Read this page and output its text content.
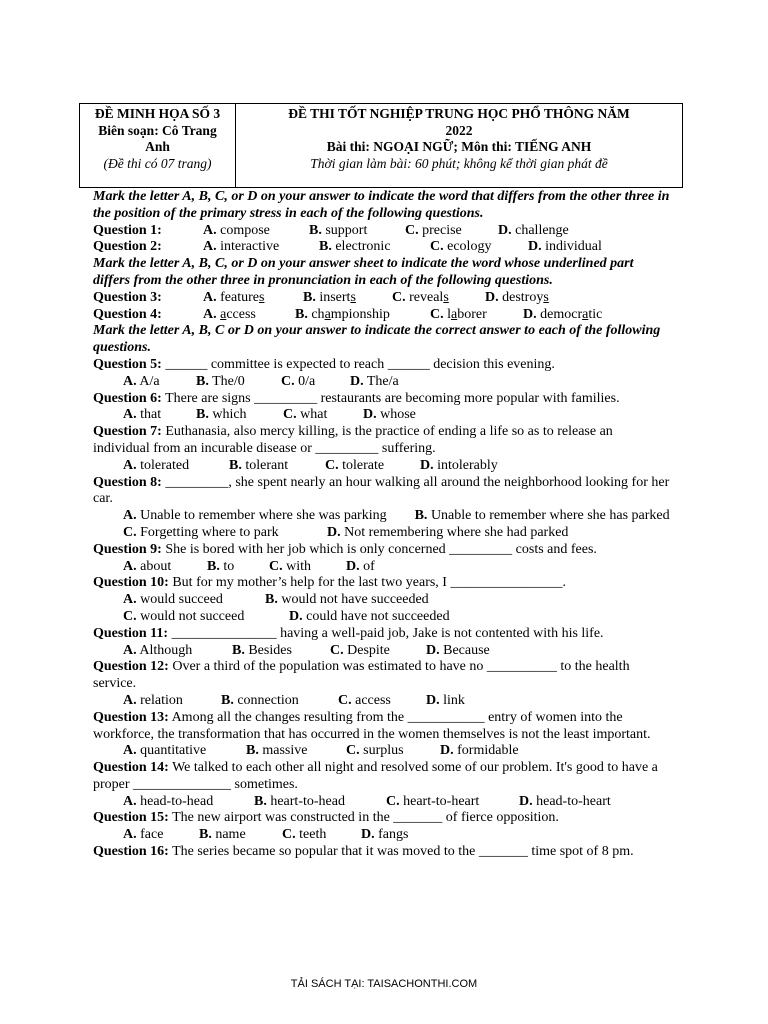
ĐỀ MINH HỌA SỐ 3
Biên soạn: Cô Trang
Anh
(Đề thi có 07 trang)
ĐỀ THI TỐT NGHIỆP TRUNG HỌC PHỔ THÔNG NĂM
2022
Bài thi: NGOẠI NGỮ; Môn thi: TIẾNG ANH
Thời gian làm bài: 60 phút; không kể thời gian phát đề
Mark the letter A, B, C, or D on your answer to indicate the word that differs from the other three in the position of the primary stress in each of the following questions.
Question 1:	A. compose	B. support	C. precise	D. challenge
Question 2:	A. interactive	B. electronic	C. ecology	D. individual
Mark the letter A, B, C, or D on your answer sheet to indicate the word whose underlined part differs from the other three in pronunciation in each of the following questions.
Question 3:	A. features	B. inserts	C. reveals	D. destroys
Question 4:	A. access	B. championship	C. laborer	D. democratic
Mark the letter A, B, C or D on your answer to indicate the correct answer to each of the following questions.
Question 5: ______ committee is expected to reach ______ decision this evening.
A. A/a	B. The/0	C. 0/a D. The/a
Question 6: There are signs _________ restaurants are becoming more popular with families.
A. that B. which	C. what	D. whose
Question 7: Euthanasia, also mercy killing, is the practice of ending a life so as to release an individual from an incurable disease or _________ suffering.
A. tolerated	B. tolerant	C. tolerate	D. intolerably
Question 8: _________, she spent nearly an hour walking all around the neighborhood looking for her car.
A. Unable to remember where she was parking B. Unable to remember where she has parked
C. Forgetting where to park	D. Not remembering where she had parked
Question 9: She is bored with her job which is only concerned _________ costs and fees.
A. about	B. to C. with D. of
Question 10: But for my mother’s help for the last two years, I ________________.
A. would succeed	B. would not have succeeded
C. would not succeed	D. could have not succeeded
Question 11: _______________ having a well-paid job, Jake is not contented with his life.
A. Although	B. Besides	C. Despite	D. Because
Question 12: Over a third of the population was estimated to have no __________ to the health service.
A. relation	B. connection	C. access	D. link
Question 13: Among all the changes resulting from the ___________ entry of women into the workforce, the transformation that has occurred in the women themselves is not the least important.
A. quantitative	B. massive	C. surplus	D. formidable
Question 14: We talked to each other all night and resolved some of our problem. It's good to have a proper ______________ sometimes.
A. head-to-head	B. heart-to-head	C. heart-to-heart	D. head-to-heart
Question 15: The new airport was constructed in the _______ of fierce opposition.
A. face	B. name	C. teeth D. fangs
Question 16: The series became so popular that it was moved to the _______ time spot of 8 pm.
TẢI SÁCH TẠI: TAISACHONTHI.COM
